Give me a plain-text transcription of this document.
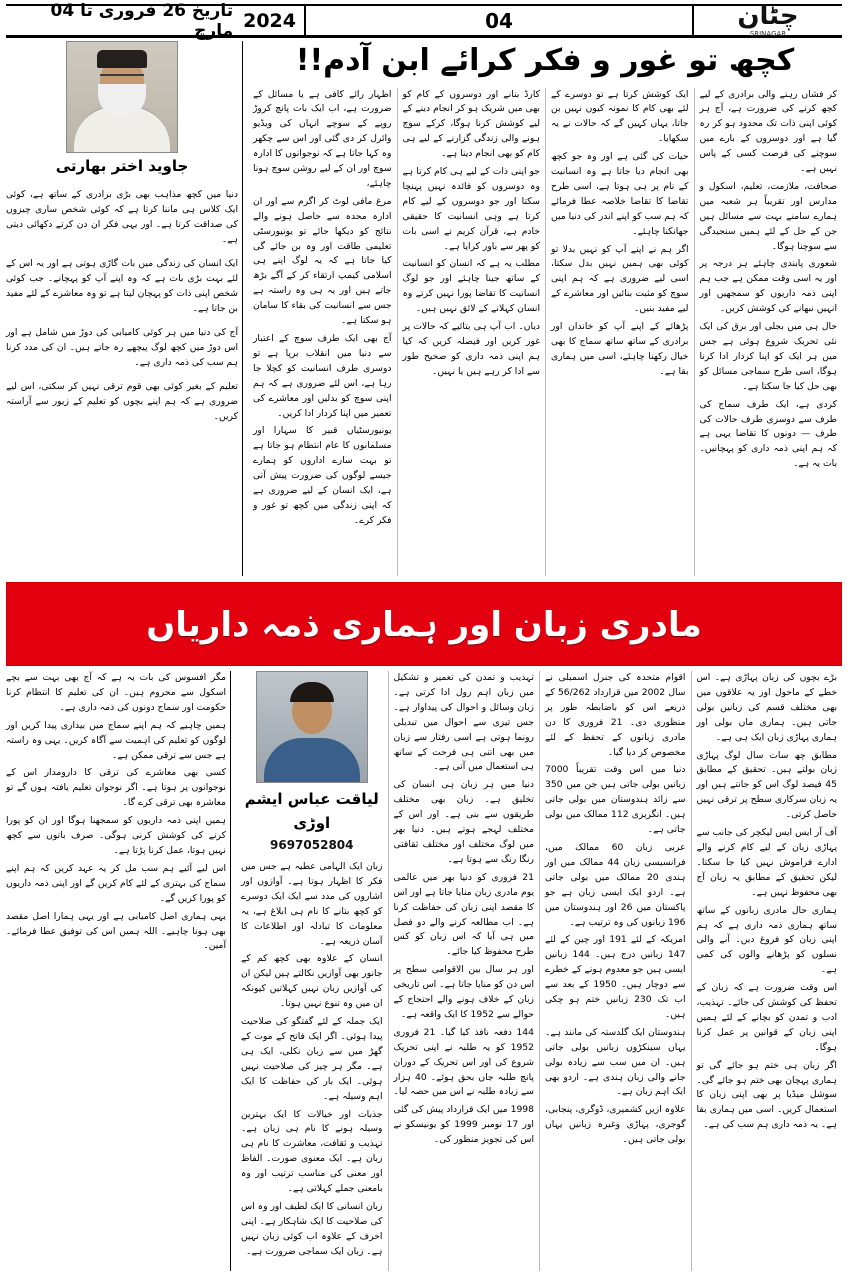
چٹان
SRINAGAR
04
2024
تاریخ 26 فروری تا 04 مارچ
کچھ تو غور و فکر کرائے ابن آدم!!

کر فشاں رہنے والی برادری کے لیے کچھ کرنے کی ضرورت ہے، آج ہر کوئی اپنی ذات تک محدود ہو کر رہ گیا ہے اور دوسروں کے بارے میں سوچنے کی فرصت کسی کے پاس نہیں ہے۔

صحافت، ملازمت، تعلیم، اسکول و مدارس اور تقریباً ہر شعبہ میں ہمارے سامنے بہت سے مسائل ہیں جن کے حل کے لئے ہمیں سنجیدگی سے سوچنا ہوگا۔

شعوری پابندی چاہئے ہر درجہ پر اور یہ اسی وقت ممکن ہے جب ہم اپنی ذمہ داریوں کو سمجھیں اور انہیں نبھانے کی کوشش کریں۔

حال ہی میں بجلی اور برق کی ایک نئی تحریک شروع ہوئی ہے جس میں ہر ایک کو اپنا کردار ادا کرنا ہوگا، اسی طرح سماجی مسائل کو بھی حل کیا جا سکتا ہے۔

کردی ہے، ایک طرف سماج کی طرف سے دوسری طرف حالات کی طرف — دونوں کا تقاضا یہی ہے کہ ہم اپنی ذمہ داری کو پہچانیں۔ بات یہ ہے۔

ایک کوشش کرتا ہے تو دوسرے کے لئے بھی کام کا نمونہ کیوں نہیں بن جاتا، یہاں کہیں گے کہ حالات نے یہ سکھایا۔

حیات کی گئی ہے اور وہ جو کچھ بھی انجام دیا جاتا ہے وہ انسانیت کے نام پر ہی ہوتا ہے، اسی طرح تقاضا کا تقاضا خلاصہ عطا فرمائے کہ ہم سب کو اپنے اندر کی دنیا میں جھانکنا چاہئے۔

اگر ہم نے اپنے آپ کو نہیں بدلا تو کوئی بھی ہمیں نہیں بدل سکتا، اسی لیے ضروری ہے کہ ہم اپنی سوچ کو مثبت بنائیں اور معاشرے کے لیے مفید بنیں۔

پڑھائے کے اپنے آپ کو خاندان اور برادری کے ساتھ ساتھ سماج کا بھی خیال رکھنا چاہئے، اسی میں ہماری بقا ہے۔

کارڈ بنانے اور دوسروں کے کام کو بھی میں شریک ہو کر انجام دینے کے لیے کوشش کرنا ہوگا، کرکے سوچ ہونے والی زندگی گزارنے کے لیے ہی کام کو بھی انجام دینا ہے۔

جو اپنی ذات کے لیے ہی کام کرتا ہے وہ دوسروں کو فائدہ نہیں پہنچا سکتا اور جو دوسروں کے لیے کام کرتا ہے وہی انسانیت کا حقیقی خادم ہے، قرآن کریم نے اسی بات کو پھر سے باور کرایا ہے۔

مطلب یہ ہے کہ انسان کو انسانیت کے ساتھ جینا چاہئے اور جو لوگ انسانیت کا تقاضا پورا نہیں کرتے وہ انسان کہلانے کے لائق نہیں ہیں۔

دیاں۔ اب آپ ہی بتائیے کہ حالات پر غور کریں اور فیصلہ کریں کہ کیا ہم اپنی ذمہ داری کو صحیح طور سے ادا کر رہے ہیں یا نہیں۔

اظہار رائے کافی ہے یا مسائل کے ضرورت ہے، اب ایک بات پانچ کروڑ روپے کے سوچے انہاں کی ویڈیو وائرل کر دی گئی اور اس سے چکھر وہ کہا جاتا ہے کہ نوجوانوں کا ادارہ سوچ اور ان کے لیے روشن سوچ ہونا چاہئے،

مرغ مافی لوٹ کر اگرم سے اور ان ادارہ محدہ سے حاصل ہونے والے نتائج کو دیکھا جائے تو یونیورسٹی تعلیمی طاقت اور وہ بن جائے گی کیا جاتا ہے کہ یہ لوگ اپنے ہی اسلامی کیمپ ارتقاء کر کے آگے بڑھ جاتے ہیں اور یہ ہی وہ راستہ ہے جس سے انسانیت کی بقاء کا سامان ہو سکتا ہے۔

آج بھی ایک طرف سوچ کے اعتبار سے دنیا میں انقلاب برپا ہے تو دوسری طرف انسانیت کو کچلا جا رہا ہے، اس لئے ضروری ہے کہ ہم اپنی سوچ کو بدلیں اور معاشرے کی تعمیر میں اپنا کردار ادا کریں۔

یونیورسٹیاں قبیر کا سہارا اور مسلمانوں کا عام انتظام ہو جاتا ہے تو بہت سارے اداروں کو ہمارے جیسے لوگوں کی ضرورت پیش آتی ہے، ایک انسان کے لیے ضروری ہے کہ اپنی زندگی میں کچھ تو غور و فکر کرے۔

جاوید اختر بھارتی

دنیا میں کچھ مذاہب بھی بڑی برادری کے ساتھ ہے، کوئی ایک کلاس ہی ماننا کرتا ہے کہ کوئی شخص ساری چیزوں کی صداقت کرتا ہے۔ اور یہی فکر ان دن کرتے دکھائی دیتی ہے۔

ایک انسان کی زندگی میں بات گاڑی ہوتی ہے اور یہ اس کے لئے بہت بڑی بات ہے کہ وہ اپنے آپ کو پہچانے۔ جب کوئی شخص اپنی ذات کو پہچان لیتا ہے تو وہ معاشرے کے لئے مفید بن جاتا ہے۔

آج کی دنیا میں ہر کوئی کامیابی کی دوڑ میں شامل ہے اور اس دوڑ میں کچھ لوگ پیچھے رہ جاتے ہیں۔ ان کی مدد کرنا ہم سب کی ذمہ داری ہے۔

تعلیم کے بغیر کوئی بھی قوم ترقی نہیں کر سکتی، اس لیے ضروری ہے کہ ہم اپنے بچوں کو تعلیم کے زیور سے آراستہ کریں۔

مادری زبان اور ہماری ذمہ داریاں

بڑے بچوں کی زبان پہاڑی ہے۔ اس خطے کے ماحول اور یہ علاقوں میں بھی مختلف قسم کی زبانیں بولی جاتی ہیں۔ ہماری ماں بولی اور ہماری پہاڑی زبان ایک ہی ہے۔

مطابق چھ سات سال لوگ پہاڑی زبان بولتے ہیں۔ تحقیق کے مطابق 45 فیصد لوگ اس کو جانتے ہیں اور یہ زبان سرکاری سطح پر ترقی نہیں حاصل کرتی۔

آف آر ایس ایس لیکچر کی جانب سے پہاڑی زبان کے لیے کام کرنے والے ادارے فراموش نہیں کیا جا سکتا۔ لیکن تحقیق کے مطابق یہ زبان آج بھی محفوظ نہیں ہے۔

ہماری حال مادری زبانوں کے ساتھ ساتھ ہماری ذمہ داری ہے کہ ہم اپنی زبان کو فروغ دیں۔ آنے والی نسلوں کو پڑھانے والوں کی کمی ہے۔

اس وقت ضرورت ہے کہ زبان کے تحفظ کی کوشش کی جائے۔ تہذیب، ادب و تمدن کو بچانے کے لئے ہمیں اپنی زبان کے قوانین پر عمل کرنا ہوگا۔

اگر زبان ہی ختم ہو جائے گی تو ہماری پہچان بھی ختم ہو جائے گی۔ سوشل میڈیا پر بھی اپنی زبان کا استعمال کریں۔ اسی میں ہماری بقا ہے۔ یہ ذمہ داری ہم سب کی ہے۔

اقوام متحدہ کی جنرل اسمبلی نے سال 2002 میں قرارداد 56/262 کے ذریعے اس کو باضابطہ طور پر منظوری دی۔ 21 فروری کا دن مادری زبانوں کے تحفظ کے لئے مخصوص کر دیا گیا۔

دنیا میں اس وقت تقریباً 7000 زبانیں بولی جاتی ہیں جن میں 350 سے زائد ہندوستان میں بولی جاتی ہیں۔ انگریزی 112 ممالک میں بولی جاتی ہے۔

عربی زبان 60 ممالک میں، فرانسیسی زبان 44 ممالک میں اور ہندی 20 ممالک میں بولی جاتی ہے۔ اردو ایک ایسی زبان ہے جو پاکستان میں 26 اور ہندوستان میں 196 زبانوں کی وہ ترتیب ہے۔

امریکہ کے لئے 191 اور چین کے لئے 147 زبانیں درج ہیں۔ 144 زبانیں ایسی ہیں جو معدوم ہونے کے خطرے سے دوچار ہیں۔ 1950 کے بعد سے اب تک 230 زبانیں ختم ہو چکی ہیں۔

ہندوستان ایک گلدستہ کی مانند ہے۔ یہاں سینکڑوں زبانیں بولی جاتی ہیں۔ ان میں سب سے زیادہ بولی جانے والی زبان ہندی ہے۔ اردو بھی ایک اہم زبان ہے۔

علاوہ ازیں کشمیری، ڈوگری، پنجابی، گوجری، پہاڑی وغیرہ زبانیں یہاں بولی جاتی ہیں۔

تہذیب و تمدن کی تعمیر و تشکیل میں زبان اہم رول ادا کرتی ہے۔ زبان وسائل و احوال کی پیداوار ہے۔ جس تیزی سے احوال میں تبدیلی رونما ہوتی ہے اسی رفتار سے زبان میں بھی اتنی ہی فرحت کے ساتھ ہی استعمال میں آتی ہے۔

دنیا میں ہر زبان ہی انسان کی تخلیق ہے۔ زبان بھی مختلف طریقوں سے بنی ہے۔ اور اس کے مختلف لہجے ہوتے ہیں۔ دنیا بھر میں لوگ مختلف اور مختلف ثقافتی رنگا رنگ سے ہوتا ہے۔

21 فروری کو دنیا بھر میں عالمی یوم مادری زبان منایا جاتا ہے اور اس کا مقصد اپنی زبان کی حفاظت کرنا ہے۔ اب مطالعہ کرنے والے دو فصل میں ہی آیا کہ اس زبان کو کس طرح محفوظ کیا جائے۔

اور ہر سال بین الاقوامی سطح پر اس دن کو منایا جاتا ہے۔ اس تاریخی زبان کے خلاف ہونے والے احتجاج کے حوالے سے 1952 کا ایک واقعہ ہے۔

144 دفعہ نافذ کیا گیا۔ 21 فروری 1952 کو یہ طلبہ نے اپنی تحریک شروع کی اور اس تحریک کے دوران پانچ طلبہ جاں بحق ہوئے۔ 40 ہزار سے زیادہ طلبہ نے اس میں حصہ لیا۔

1998 میں ایک قرارداد پیش کی گئی اور 17 نومبر 1999 کو یونیسکو نے اس کی تجویز منظور کی۔

لیاقت عباس ایشم اوڑی
9697052804

زبان ایک الہامی عطیہ ہے جس میں فکر کا اظہار ہوتا ہے۔ آوازوں اور اشاروں کی مدد سے ایک ایک دوسرے کو کچھ بتانے کا نام ہی ابلاغ ہے، یہ معلومات کا تبادلہ اور اطلاعات کا آسان ذریعہ ہے۔

انسان کے علاوہ بھی کچھ کم کے جانور بھی آوازیں نکالتے ہیں لیکن ان کی آوازیں زبان نہیں کہلاتیں کیونکہ ان میں وہ تنوع نہیں ہوتا۔

ایک جملہ کے لئے گفتگو کی صلاحیت پیدا ہوئی۔ اگر ایک فاتح کے موت کے گھڑ میں سے زبان نکلی، ایک ہی ہے۔ مگر ہر چیز کی صلاحیت نہیں ہوئی۔ ایک بار کی حفاظت کا ایک اہم وسیلہ ہے۔

جذبات اور خیالات کا ایک بہترین وسیلہ ہونے کا نام ہی زبان ہے۔ تہذیب و ثقافت، معاشرت کا نام ہی زبان ہے۔ ایک معنوی صورت۔ الفاظ اور معنی کی مناسب ترتیب اور وہ بامعنی جملے کہلاتی ہے۔

زبان انسانی کا ایک لطیف اور وہ اس کی صلاحیت کا ایک شاہکار ہے۔ اپنی احرف کے علاوہ اب کوئی زبان نہیں ہے۔ زبان ایک سماجی ضرورت ہے۔

مگر افسوس کی بات یہ ہے کہ آج بھی بہت سے بچے اسکول سے محروم ہیں۔ ان کی تعلیم کا انتظام کرنا حکومت اور سماج دونوں کی ذمہ داری ہے۔

ہمیں چاہیے کہ ہم اپنے سماج میں بیداری پیدا کریں اور لوگوں کو تعلیم کی اہمیت سے آگاہ کریں۔ یہی وہ راستہ ہے جس سے ترقی ممکن ہے۔

کسی بھی معاشرے کی ترقی کا دارومدار اس کے نوجوانوں پر ہوتا ہے۔ اگر نوجوان تعلیم یافتہ ہوں گے تو معاشرہ بھی ترقی کرے گا۔

ہمیں اپنی ذمہ داریوں کو سمجھنا ہوگا اور ان کو پورا کرنے کی کوشش کرنی ہوگی۔ صرف باتوں سے کچھ نہیں ہوتا، عمل کرنا پڑتا ہے۔

اس لیے آئیے ہم سب مل کر یہ عہد کریں کہ ہم اپنے سماج کی بہتری کے لئے کام کریں گے اور اپنی ذمہ داریوں کو پورا کریں گے۔

یہی ہماری اصل کامیابی ہے اور یہی ہمارا اصل مقصد بھی ہونا چاہیے۔ اللہ ہمیں اس کی توفیق عطا فرمائے۔ آمین۔
